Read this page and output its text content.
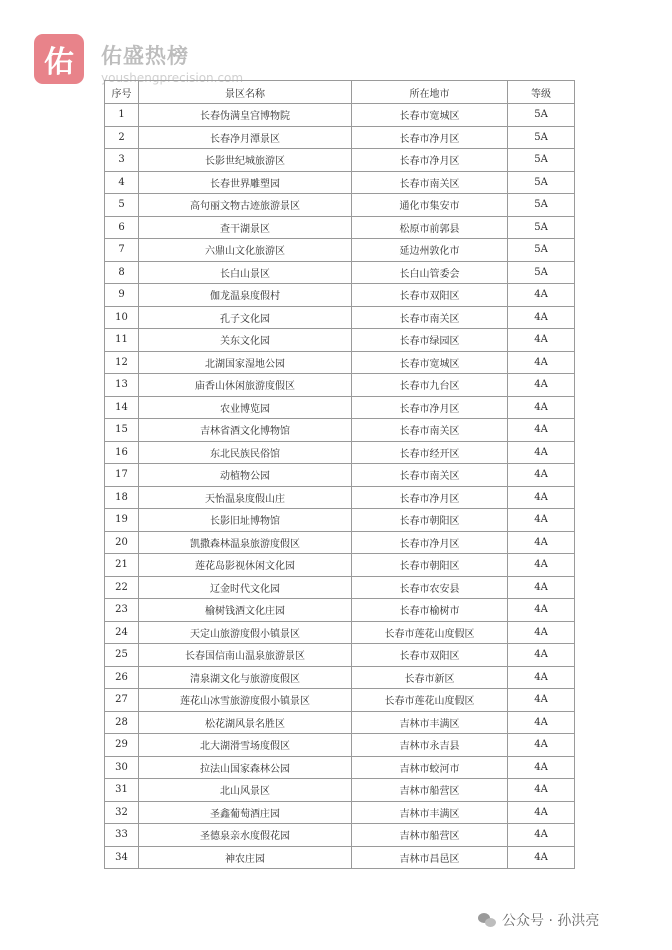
佑 佑盛热榜
youshengprecision.com
序号	景区名称	所在地市	等级
1	长春伪满皇宫博物院	长春市宽城区	5A
2	长春净月潭景区	长春市净月区	5A
3	长影世纪城旅游区	长春市净月区	5A
4	长春世界雕塑园	长春市南关区	5A
5	高句丽文物古迹旅游景区	通化市集安市	5A
6	查干湖景区	松原市前郭县	5A
7	六鼎山文化旅游区	延边州敦化市	5A
8	长白山景区	长白山管委会	5A
9	伽龙温泉度假村	长春市双阳区	4A
10	孔子文化园	长春市南关区	4A
11	关东文化园	长春市绿园区	4A
12	北湖国家湿地公园	长春市宽城区	4A
13	庙香山休闲旅游度假区	长春市九台区	4A
14	农业博览园	长春市净月区	4A
15	吉林省酒文化博物馆	长春市南关区	4A
16	东北民族民俗馆	长春市经开区	4A
17	动植物公园	长春市南关区	4A
18	天怡温泉度假山庄	长春市净月区	4A
19	长影旧址博物馆	长春市朝阳区	4A
20	凯撒森林温泉旅游度假区	长春市净月区	4A
21	莲花岛影视休闲文化园	长春市朝阳区	4A
22	辽金时代文化园	长春市农安县	4A
23	榆树钱酒文化庄园	长春市榆树市	4A
24	天定山旅游度假小镇景区	长春市莲花山度假区	4A
25	长春国信南山温泉旅游景区	长春市双阳区	4A
26	清泉湖文化与旅游度假区	长春市新区	4A
27	莲花山冰雪旅游度假小镇景区	长春市莲花山度假区	4A
28	松花湖风景名胜区	吉林市丰满区	4A
29	北大湖滑雪场度假区	吉林市永吉县	4A
30	拉法山国家森林公园	吉林市蛟河市	4A
31	北山风景区	吉林市船营区	4A
32	圣鑫葡萄酒庄园	吉林市丰满区	4A
33	圣德泉亲水度假花园	吉林市船营区	4A
34	神农庄园	吉林市昌邑区	4A
公众号 · 孙洪亮
